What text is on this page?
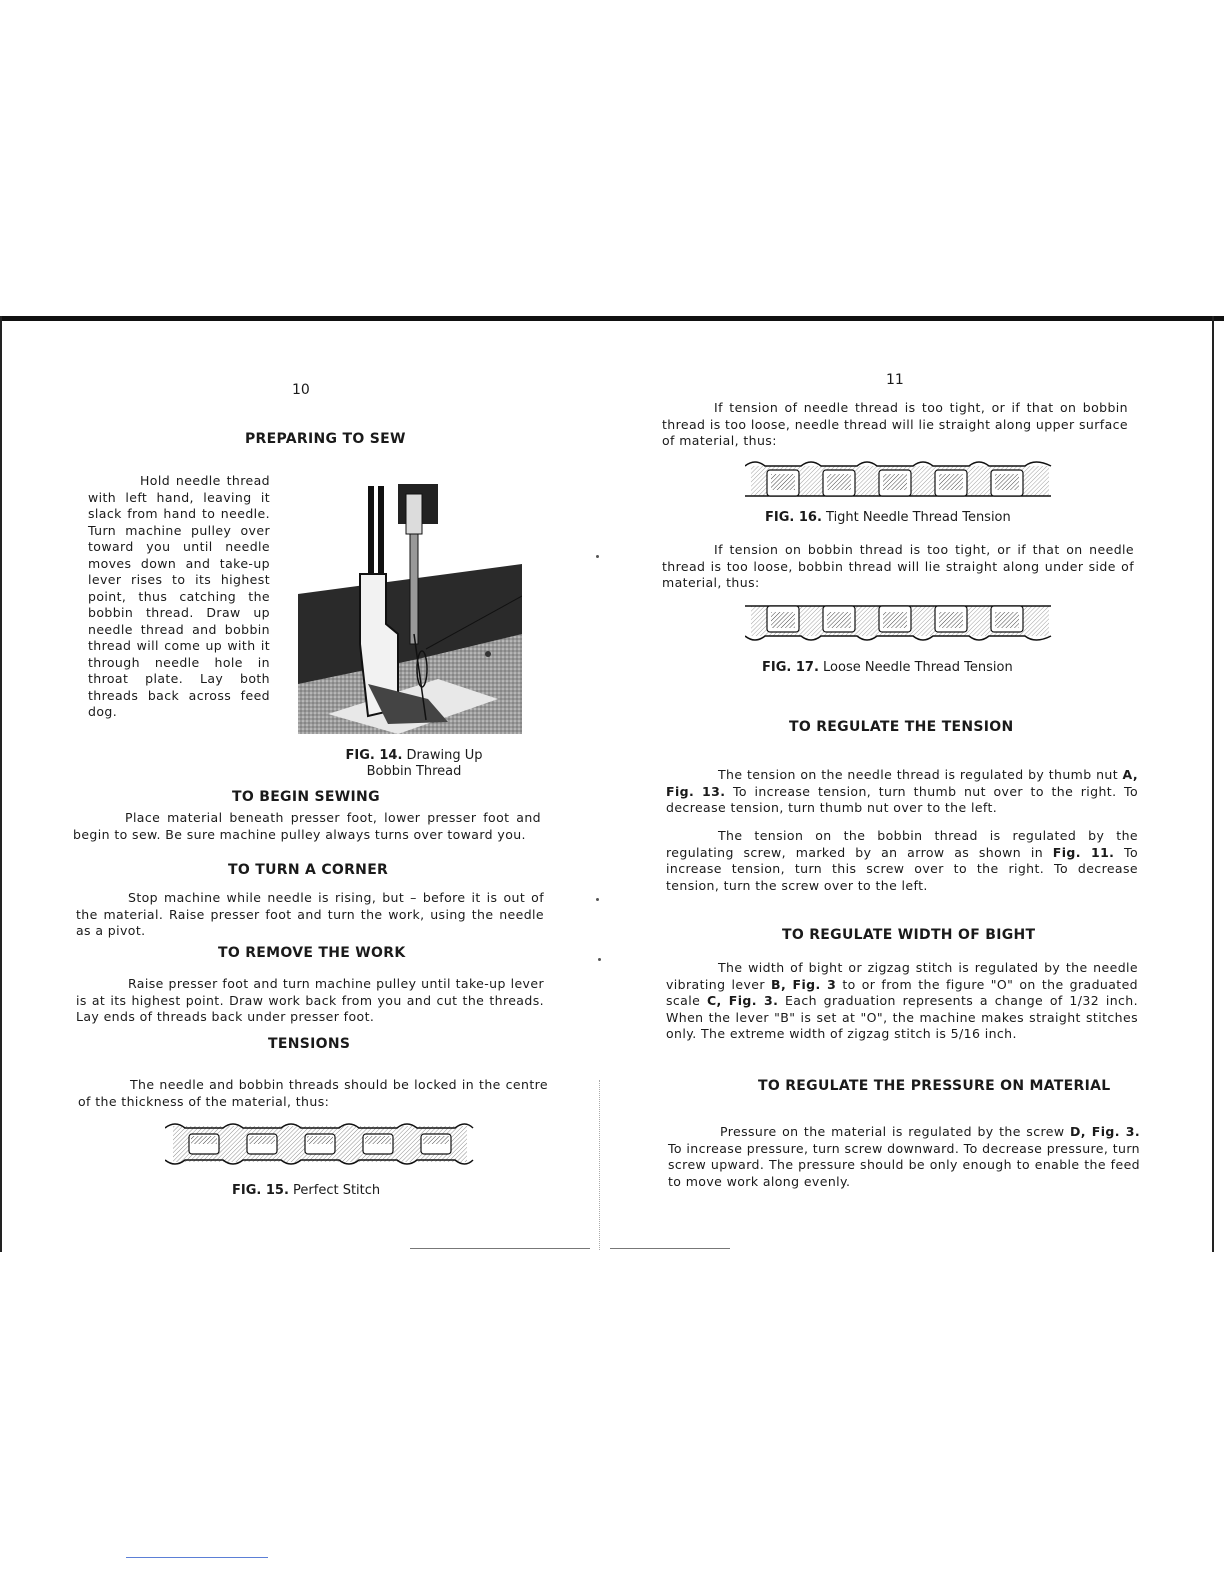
10
PREPARING TO SEW

Hold needle thread with left hand, leaving it slack from hand to needle. Turn machine pulley over toward you until needle moves down and take-up lever rises to its highest point, thus catching the bobbin thread. Draw up needle thread and bobbin thread will come up with it through needle hole in throat plate. Lay both threads back across feed dog.

FIG. 14. Drawing Up
Bobbin Thread
TO BEGIN SEWING

Place material beneath presser foot, lower presser foot and begin to sew. Be sure machine pulley always turns over toward you.

TO TURN A CORNER

Stop machine while needle is rising, but – before it is out of the material. Raise presser foot and turn the work, using the needle as a pivot.

TO REMOVE THE WORK

Raise presser foot and turn machine pulley until take-up lever is at its highest point. Draw work back from you and cut the threads. Lay ends of threads back under presser foot.

TENSIONS

The needle and bobbin threads should be locked in the centre of the thickness of the material, thus:

FIG. 15. Perfect Stitch
11

If tension of needle thread is too tight, or if that on bobbin thread is too loose, needle thread will lie straight along upper surface of material, thus:

FIG. 16. Tight Needle Thread Tension

If tension on bobbin thread is too tight, or if that on needle thread is too loose, bobbin thread will lie straight along under side of material, thus:

FIG. 17. Loose Needle Thread Tension
TO REGULATE THE TENSION

The tension on the needle thread is regulated by thumb nut A, Fig. 13. To increase tension, turn thumb nut over to the right. To decrease tension, turn thumb nut over to the left.

The tension on the bobbin thread is regulated by the regulating screw, marked by an arrow as shown in Fig. 11. To increase tension, turn this screw over to the right. To decrease tension, turn the screw over to the left.

TO REGULATE WIDTH OF BIGHT

The width of bight or zigzag stitch is regulated by the needle vibrating lever B, Fig. 3 to or from the figure "O" on the graduated scale C, Fig. 3. Each graduation represents a change of 1/32 inch. When the lever "B" is set at "O", the machine makes straight stitches only. The extreme width of zigzag stitch is 5/16 inch.

TO REGULATE THE PRESSURE ON MATERIAL

Pressure on the material is regulated by the screw D, Fig. 3. To increase pressure, turn screw downward. To decrease pressure, turn screw upward. The pressure should be only enough to enable the feed to move work along evenly.
